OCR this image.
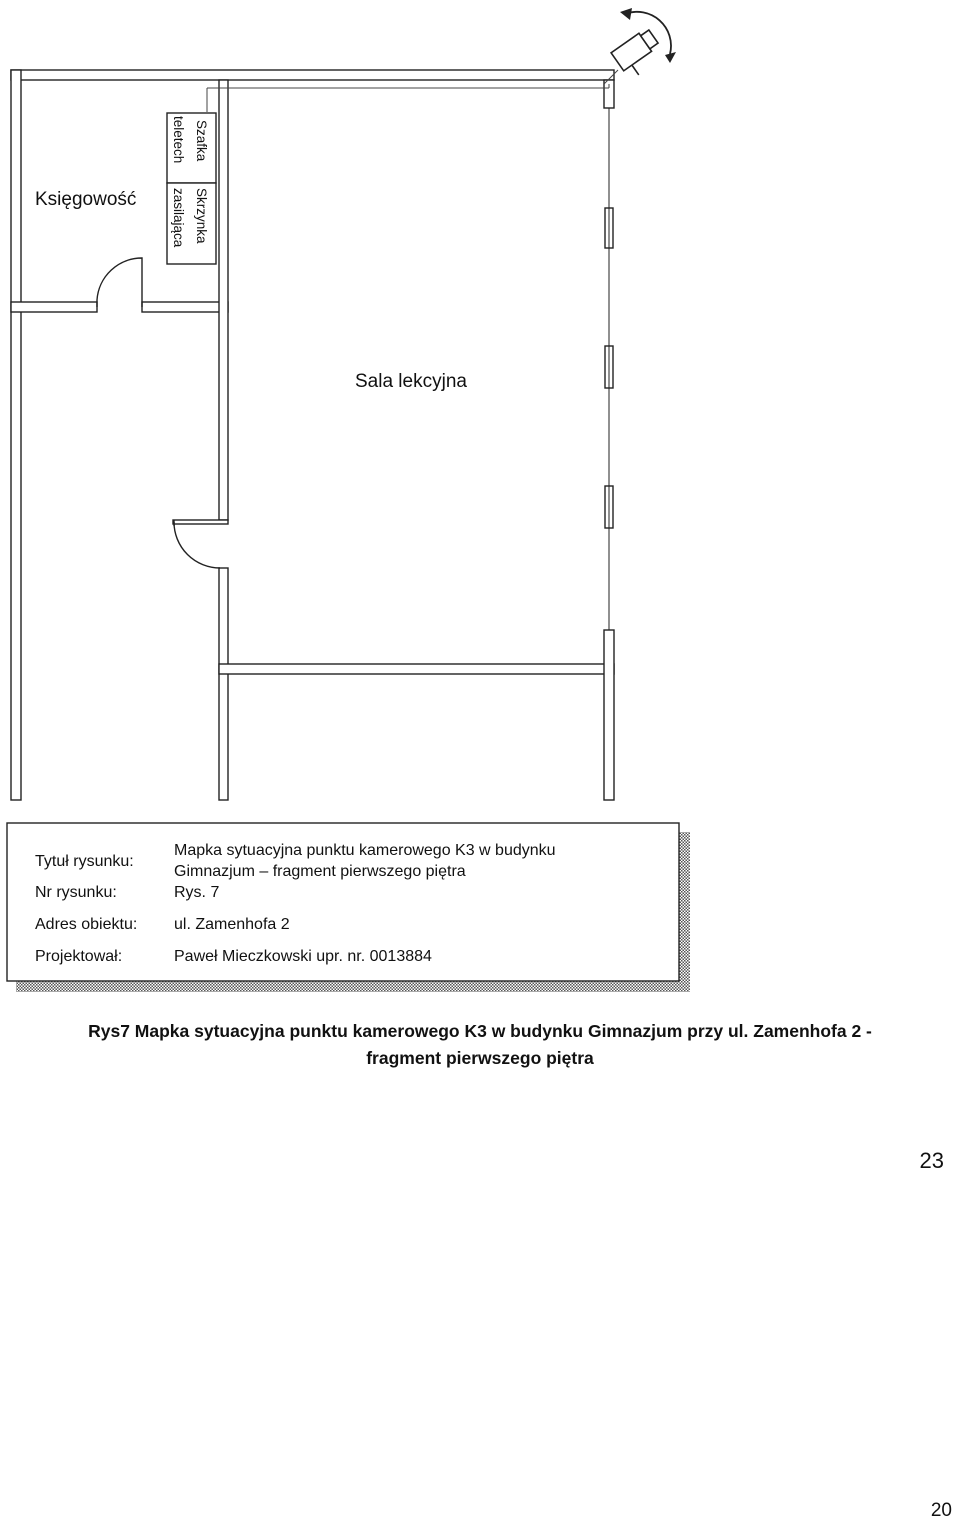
Szafka
teletech
Skrzynka
zasilająca
Księgowość
Sala lekcyjna
Tytuł rysunku:
Mapka sytuacyjna punktu kamerowego K3 w budynku
Gimnazjum – fragment pierwszego piętra
Nr rysunku:	Rys. 7
Adres obiektu: ul. Zamenhofa 2
Projektował:	Paweł Mieczkowski upr. nr. 0013884

Rys7 Mapka sytuacyjna punktu kamerowego K3 w budynku Gimnazjum przy ul. Zamenhofa 2 -
fragment pierwszego piętra

23
20
